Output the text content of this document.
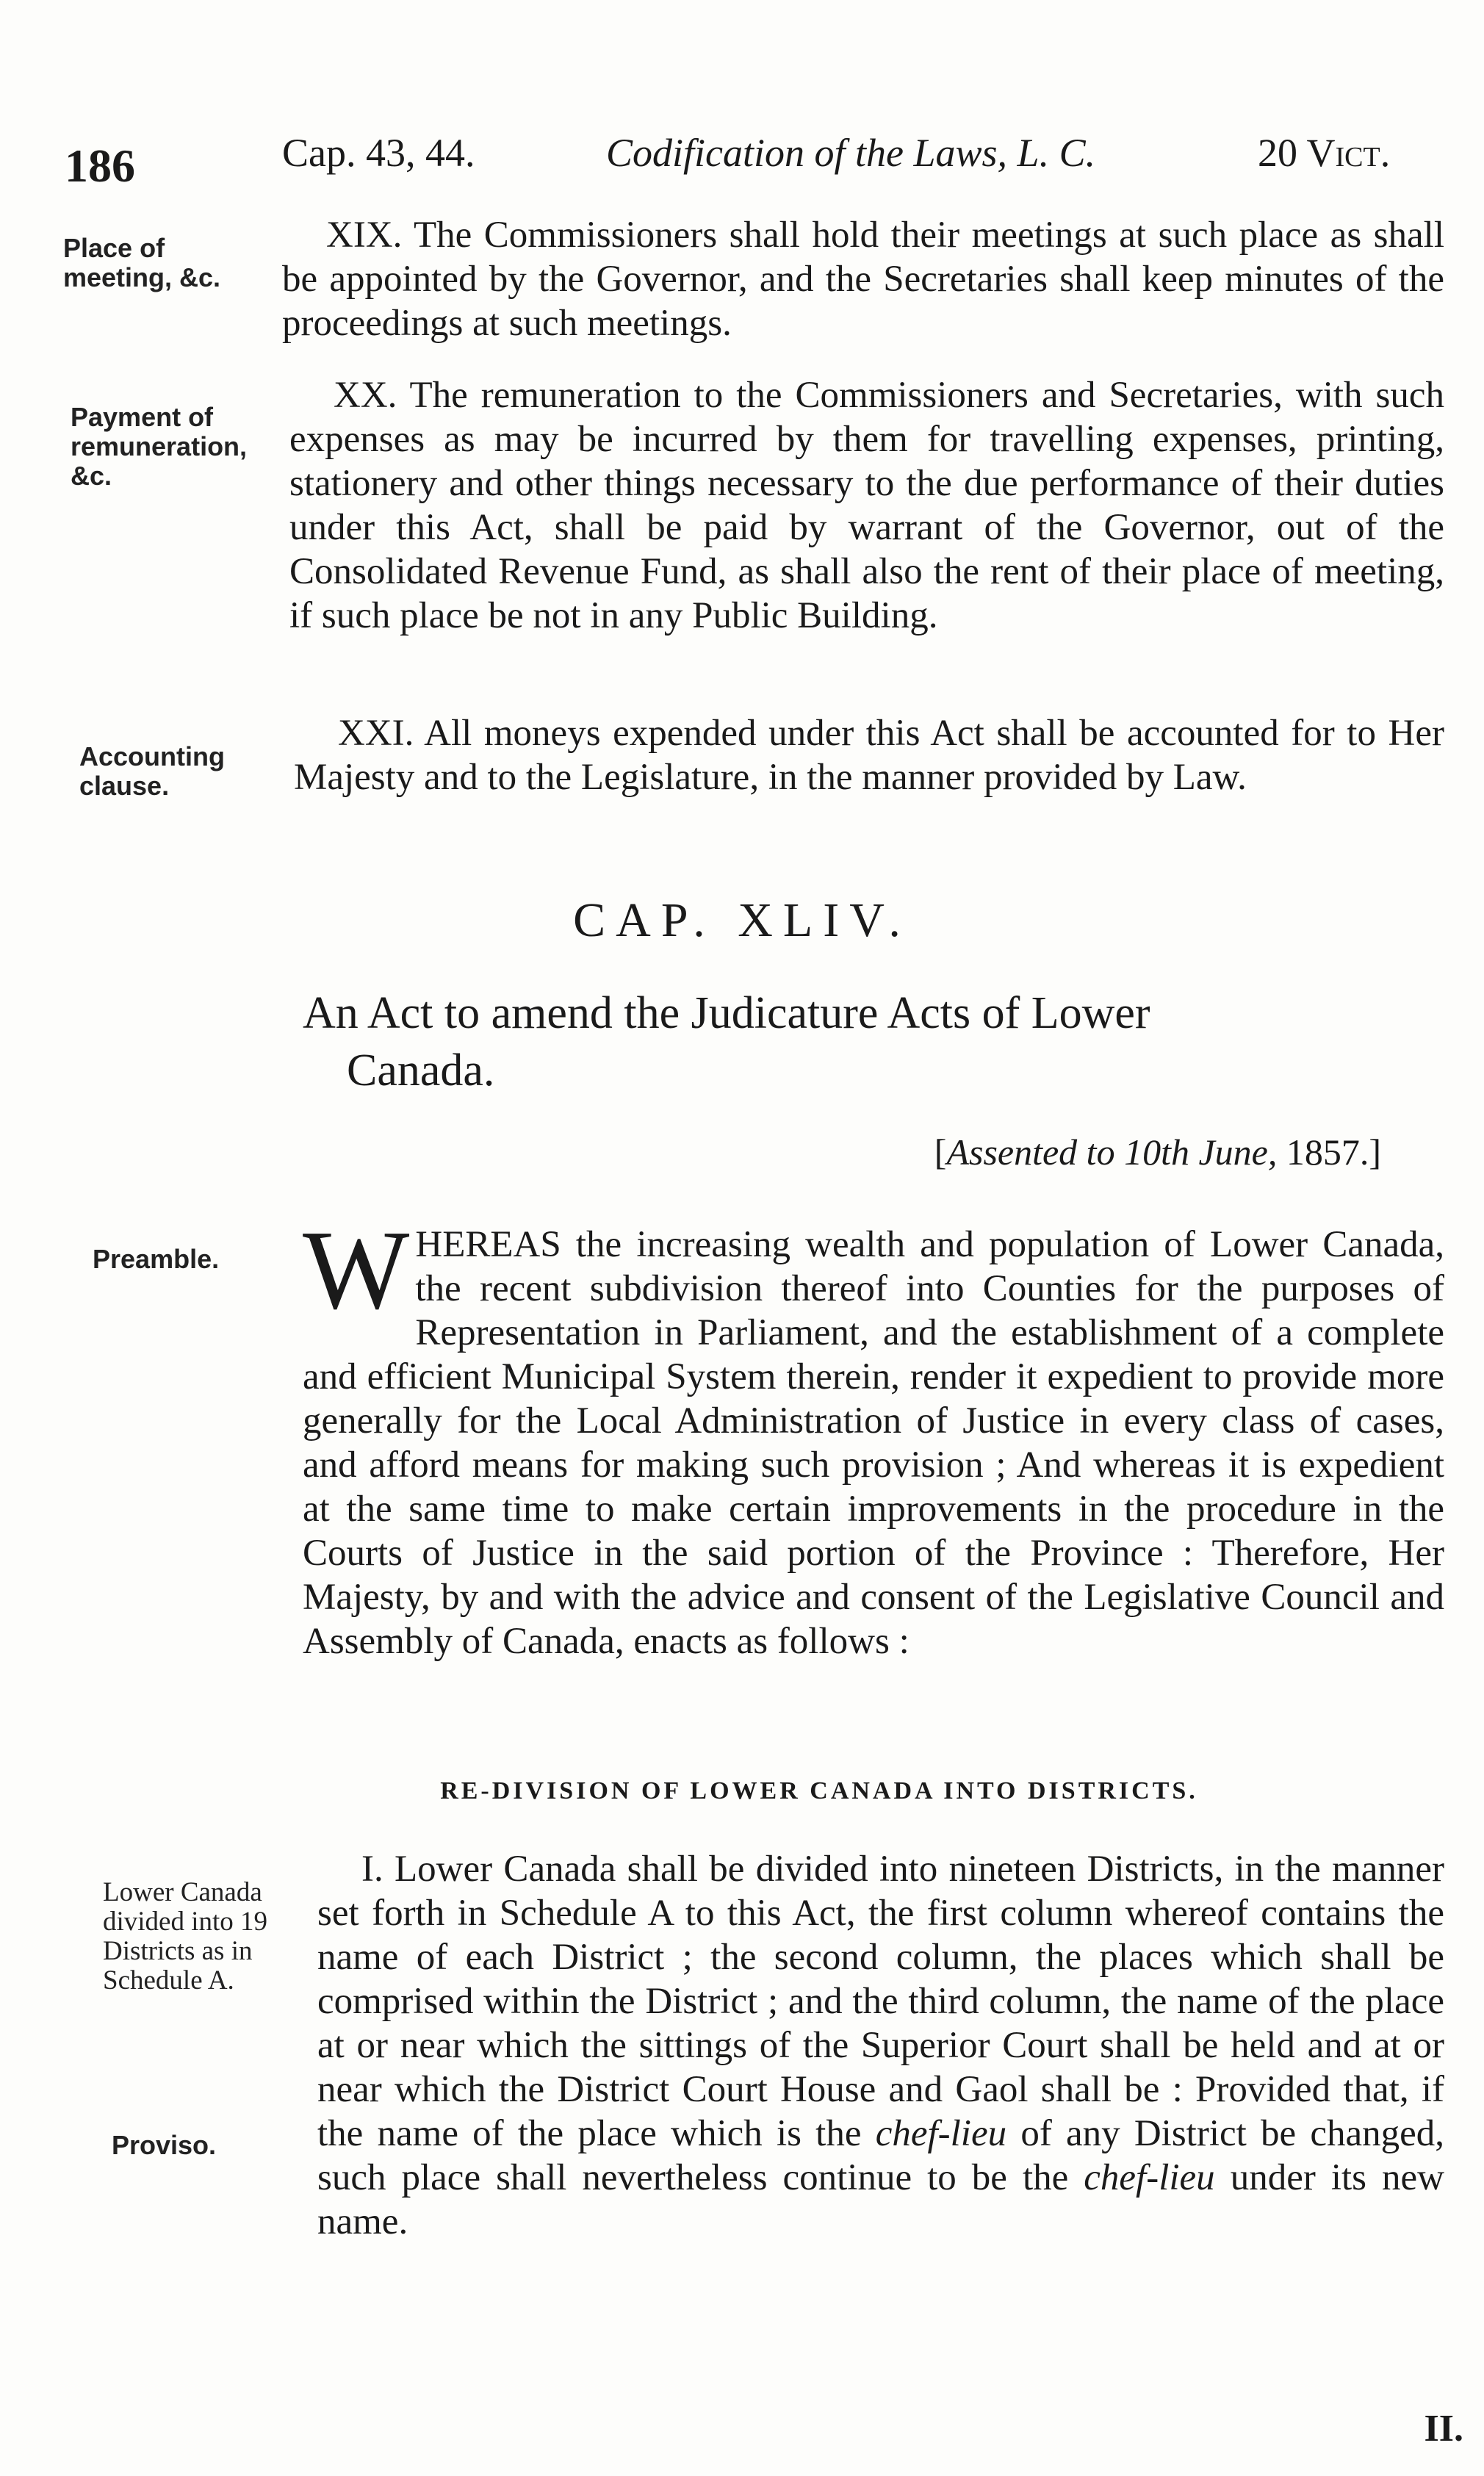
186	Cap. 43, 44.	Codification of the Laws, L. C.	20 Vict.
Place of meeting, &c.
XIX. The Commissioners shall hold their meetings at such place as shall be appointed by the Governor, and the Secretaries shall keep minutes of the proceedings at such meetings.
Payment of remuneration, &c.
XX. The remuneration to the Commissioners and Secretaries, with such expenses as may be incurred by them for travelling expenses, printing, stationery and other things necessary to the due performance of their duties under this Act, shall be paid by warrant of the Governor, out of the Consolidated Revenue Fund, as shall also the rent of their place of meeting, if such place be not in any Public Building.
Accounting clause.
XXI. All moneys expended under this Act shall be accounted for to Her Majesty and to the Legislature, in the manner provided by Law.
CAP. XLIV.
An Act to amend the Judicature Acts of Lower
Canada.
[Assented to 10th June, 1857.]
Preamble. WHEREAS the increasing wealth and population of Lower Canada, the recent subdivision thereof into Counties for the purposes of Representation in Parliament, and the establishment of a complete and efficient Municipal System therein, render it expedient to provide more generally for the Local Administration of Justice in every class of cases, and afford means for making such provision ; And whereas it is expedient at the same time to make certain improvements in the procedure in the Courts of Justice in the said portion of the Province : Therefore, Her Majesty, by and with the advice and consent of the Legislative Council and Assembly of Canada, enacts as follows :
RE-DIVISION OF LOWER CANADA INTO DISTRICTS.
Lower Canada divided into 19 Districts as in Schedule A.
Proviso.
I. Lower Canada shall be divided into nineteen Districts, in the manner set forth in Schedule A to this Act, the first column whereof contains the name of each District ; the second column, the places which shall be comprised within the District ; and the third column, the name of the place at or near which the sittings of the Superior Court shall be held and at or near which the District Court House and Gaol shall be : Provided that, if the name of the place which is the chef-lieu of any District be changed, such place shall nevertheless continue to be the chef-lieu under its new name.
II.
